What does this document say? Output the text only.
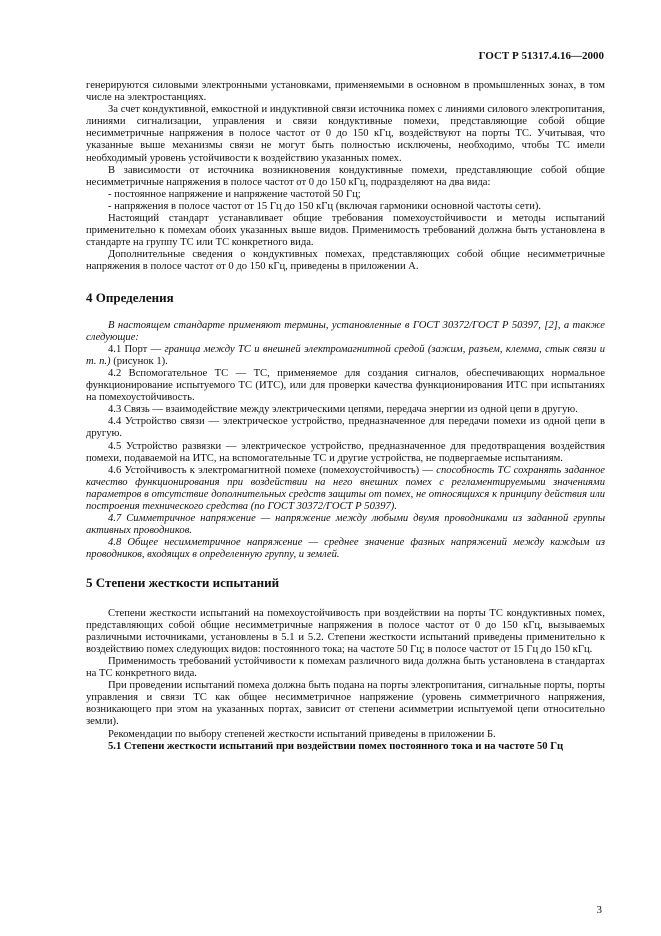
ГОСТ Р 51317.4.16—2000

генерируются силовыми электронными установками, применяемыми в основном в промышленных зонах, в том числе на электростанциях.

За счет кондуктивной, емкостной и индуктивной связи источника помех с линиями силового электропитания, линиями сигнализации, управления и связи кондуктивные помехи, представляющие собой общие несимметричные напряжения в полосе частот от 0 до 150 кГц, воздействуют на порты ТС. Учитывая, что указанные выше механизмы связи не могут быть полностью исключены, необходимо, чтобы ТС имели необходимый уровень устойчивости к воздействию указанных помех.

В зависимости от источника возникновения кондуктивные помехи, представляющие собой общие несимметричные напряжения в полосе частот от 0 до 150 кГц, подразделяют на два вида:

- постоянное напряжение и напряжение частотой 50 Гц;

- напряжения в полосе частот от 15 Гц до 150 кГц (включая гармоники основной частоты сети).

Настоящий стандарт устанавливает общие требования помехоустойчивости и методы испытаний применительно к помехам обоих указанных выше видов. Применимость требований должна быть установлена в стандарте на группу ТС или ТС конкретного вида.

Дополнительные сведения о кондуктивных помехах, представляющих собой общие несимметричные напряжения в полосе частот от 0 до 150 кГц, приведены в приложении А.

4 Определения

В настоящем стандарте применяют термины, установленные в ГОСТ 30372/ГОСТ Р 50397, [2], а также следующие:

4.1 Порт — граница между ТС и внешней электромагнитной средой (зажим, разъем, клемма, стык связи и т. п.) (рисунок 1).

4.2 Вспомогательное ТС — ТС, применяемое для создания сигналов, обеспечивающих нормальное функционирование испытуемого ТС (ИТС), или для проверки качества функционирования ИТС при испытаниях на помехоустойчивость.

4.3 Связь — взаимодействие между электрическими цепями, передача энергии из одной цепи в другую.

4.4 Устройство связи — электрическое устройство, предназначенное для передачи помехи из одной цепи в другую.

4.5 Устройство развязки — электрическое устройство, предназначенное для предотвращения воздействия помехи, подаваемой на ИТС, на вспомогательные ТС и другие устройства, не подвергаемые испытаниям.

4.6 Устойчивость к электромагнитной помехе (помехоустойчивость) — способность ТС сохранять заданное качество функционирования при воздействии на него внешних помех с регламентируемыми значениями параметров в отсутствие дополнительных средств защиты от помех, не относящихся к принципу действия или построения технического средства (по ГОСТ 30372/ГОСТ Р 50397).

4.7 Симметричное напряжение — напряжение между любыми двумя проводниками из заданной группы активных проводников.

4.8 Общее несимметричное напряжение — среднее значение фазных напряжений между каждым из проводников, входящих в определенную группу, и землей.

5 Степени жесткости испытаний

Степени жесткости испытаний на помехоустойчивость при воздействии на порты ТС кондуктивных помех, представляющих собой общие несимметричные напряжения в полосе частот от 0 до 150 кГц, вызываемых различными источниками, установлены в 5.1 и 5.2. Степени жесткости испытаний приведены применительно к воздействию помех следующих видов: постоянного тока; на частоте 50 Гц; в полосе частот от 15 Гц до 150 кГц.

Применимость требований устойчивости к помехам различного вида должна быть установлена в стандартах на ТС конкретного вида.

При проведении испытаний помеха должна быть подана на порты электропитания, сигнальные порты, порты управления и связи ТС как общее несимметричное напряжение (уровень симметричного напряжения, возникающего при этом на указанных портах, зависит от степени асимметрии испытуемой цепи относительно земли).

Рекомендации по выбору степеней жесткости испытаний приведены в приложении Б.

5.1 Степени жесткости испытаний при воздействии помех постоянного тока и на частоте 50 Гц

3
